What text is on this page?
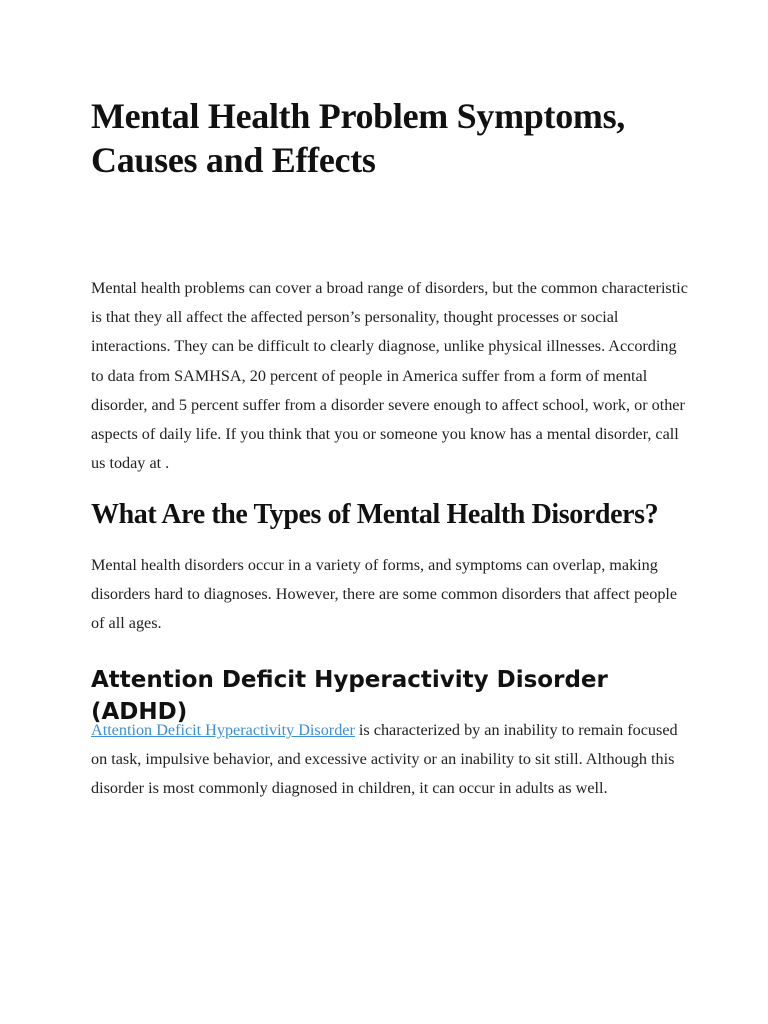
Mental Health Problem Symptoms, Causes and Effects

Mental health problems can cover a broad range of disorders, but the common characteristic is that they all affect the affected person’s personality, thought processes or social interactions. They can be difficult to clearly diagnose, unlike physical illnesses. According to data from SAMHSA, 20 percent of people in America suffer from a form of mental disorder, and 5 percent suffer from a disorder severe enough to affect school, work, or other aspects of daily life. If you think that you or someone you know has a mental disorder, call us today at .

What Are the Types of Mental Health Disorders?

Mental health disorders occur in a variety of forms, and symptoms can overlap, making disorders hard to diagnoses. However, there are some common disorders that affect people of all ages.

Attention Deficit Hyperactivity Disorder (ADHD)

Attention Deficit Hyperactivity Disorder is characterized by an inability to remain focused on task, impulsive behavior, and excessive activity or an inability to sit still. Although this disorder is most commonly diagnosed in children, it can occur in adults as well.
